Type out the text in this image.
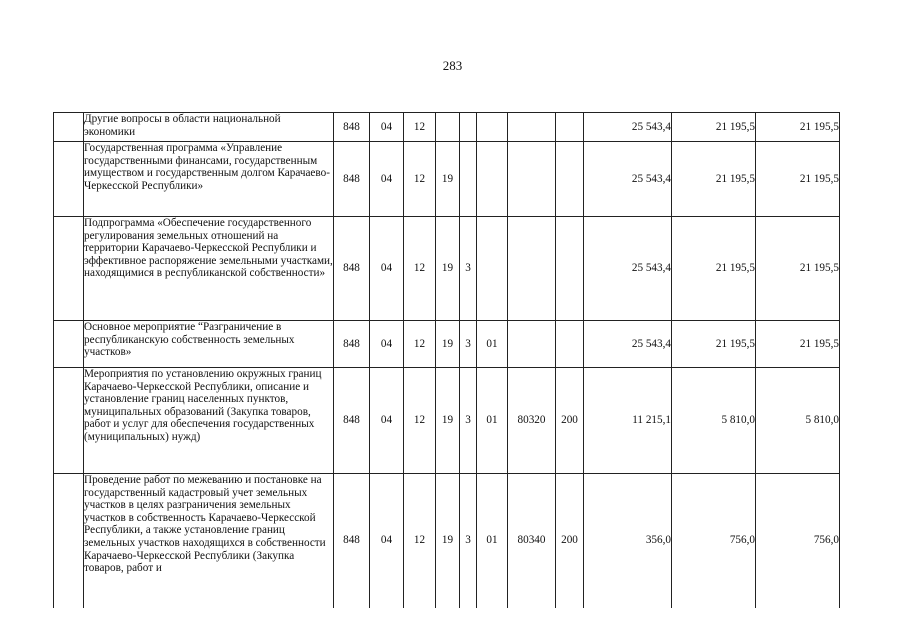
283
	Другие вопросы в области национальной экономики	848	04	12						25 543,4	21 195,5	21 195,5
	Государственная программа «Управление государственными финансами, государственным имуществом и государственным долгом Карачаево-Черкесской Республики»	848	04	12	19					25 543,4	21 195,5	21 195,5
	Подпрограмма «Обеспечение государственного регулирования земельных отношений на территории Карачаево-Черкесской Республики и эффективное распоряжение земельными участками, находящимися в республиканской собственности»	848	04	12	19	3				25 543,4	21 195,5	21 195,5
	Основное мероприятие “Разграничение в республиканскую собственность земельных участков»	848	04	12	19	3	01			25 543,4	21 195,5	21 195,5
	Мероприятия по установлению окружных границ Карачаево-Черкесской Республики, описание и установление границ населенных пунктов, муниципальных образований (Закупка товаров, работ и услуг для обеспечения государственных (муниципальных) нужд)	848	04	12	19	3	01	80320	200	11 215,1	5 810,0	5 810,0
	Проведение работ по межеванию и постановке на государственный кадастровый учет земельных участков в целях разграничения земельных участков в собственность Карачаево-Черкесской Республики, а также установление границ земельных участков находящихся в собственности Карачаево-Черкесской Республики (Закупка товаров, работ и	848	04	12	19	3	01	80340	200	356,0	756,0	756,0
